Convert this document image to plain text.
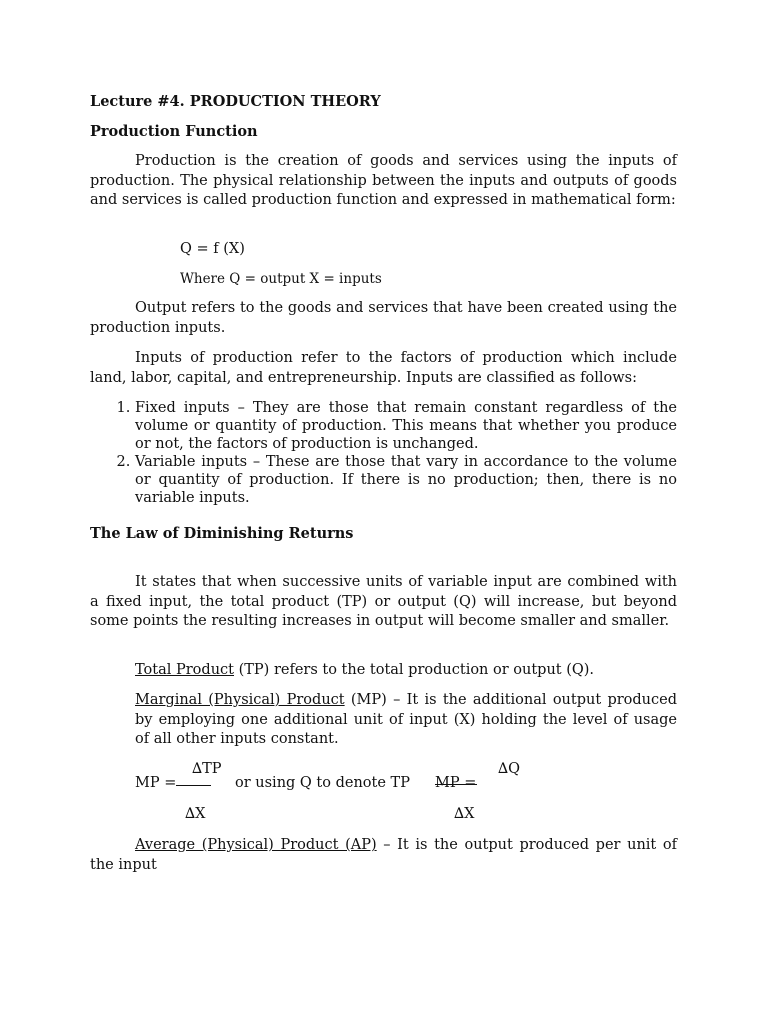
Lecture #4. PRODUCTION THEORY
Production Function
Production is the creation of goods and services using the inputs of production. The physical relationship between the inputs and outputs of goods and services is called production function and expressed in mathematical form:
Q = f (X)
Where Q = output X = inputs
Output refers to the goods and services that have been created using the production inputs.
Inputs of production refer to the factors of production which include land, labor, capital, and entrepreneurship. Inputs are classified as follows:
1. Fixed inputs – They are those that remain constant regardless of the volume or quantity of production. This means that whether you produce or not, the factors of production is unchanged.
2. Variable inputs – These are those that vary in accordance to the volume or quantity of production. If there is no production; then, there is no variable inputs.
The Law of Diminishing Returns
It states that when successive units of variable input are combined with a fixed input, the total product (TP) or output (Q) will increase, but beyond some points the resulting increases in output will become smaller and smaller.
Total Product (TP) refers to the total production or output (Q).
Marginal (Physical) Product (MP) – It is the additional output produced by employing one additional unit of input (X) holding the level of usage of all other inputs constant.
MP =
∆TP
∆X
or using Q to denote TP MP =
∆Q
∆X
Average (Physical) Product (AP) – It is the output produced per unit of the input
